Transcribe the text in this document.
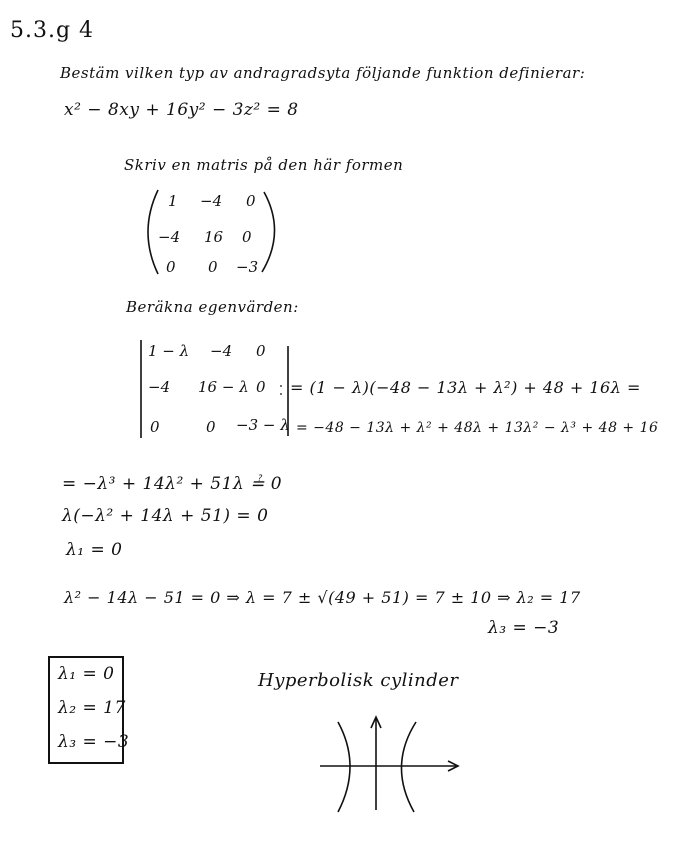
5.3.g 4
Bestäm vilken typ av andragradsyta följande funktion definierar:
x² − 8xy + 16y² − 3z² = 8
Skriv en matris på den här formen
1 −4 0
−4 16 0
0 0 −3
Beräkna egenvärden:
1 − λ −4 0
−4 16 − λ 0
0	0 −3 − λ
= (1 − λ)(−48 − 13λ + λ²) + 48 + 16λ =
= −48 − 13λ + λ² + 48λ + 13λ² − λ³ + 48 + 16
= −λ³ + 14λ² + 51λ ≟ 0
λ(−λ² + 14λ + 51) = 0
λ₁ = 0
λ² − 14λ − 51 = 0 ⇒ λ = 7 ± √(49 + 51) = 7 ± 10 ⇒ λ₂ = 17
λ₃ = −3
λ₁ = 0
λ₂ = 17
λ₃ = −3
Hyperbolisk cylinder
